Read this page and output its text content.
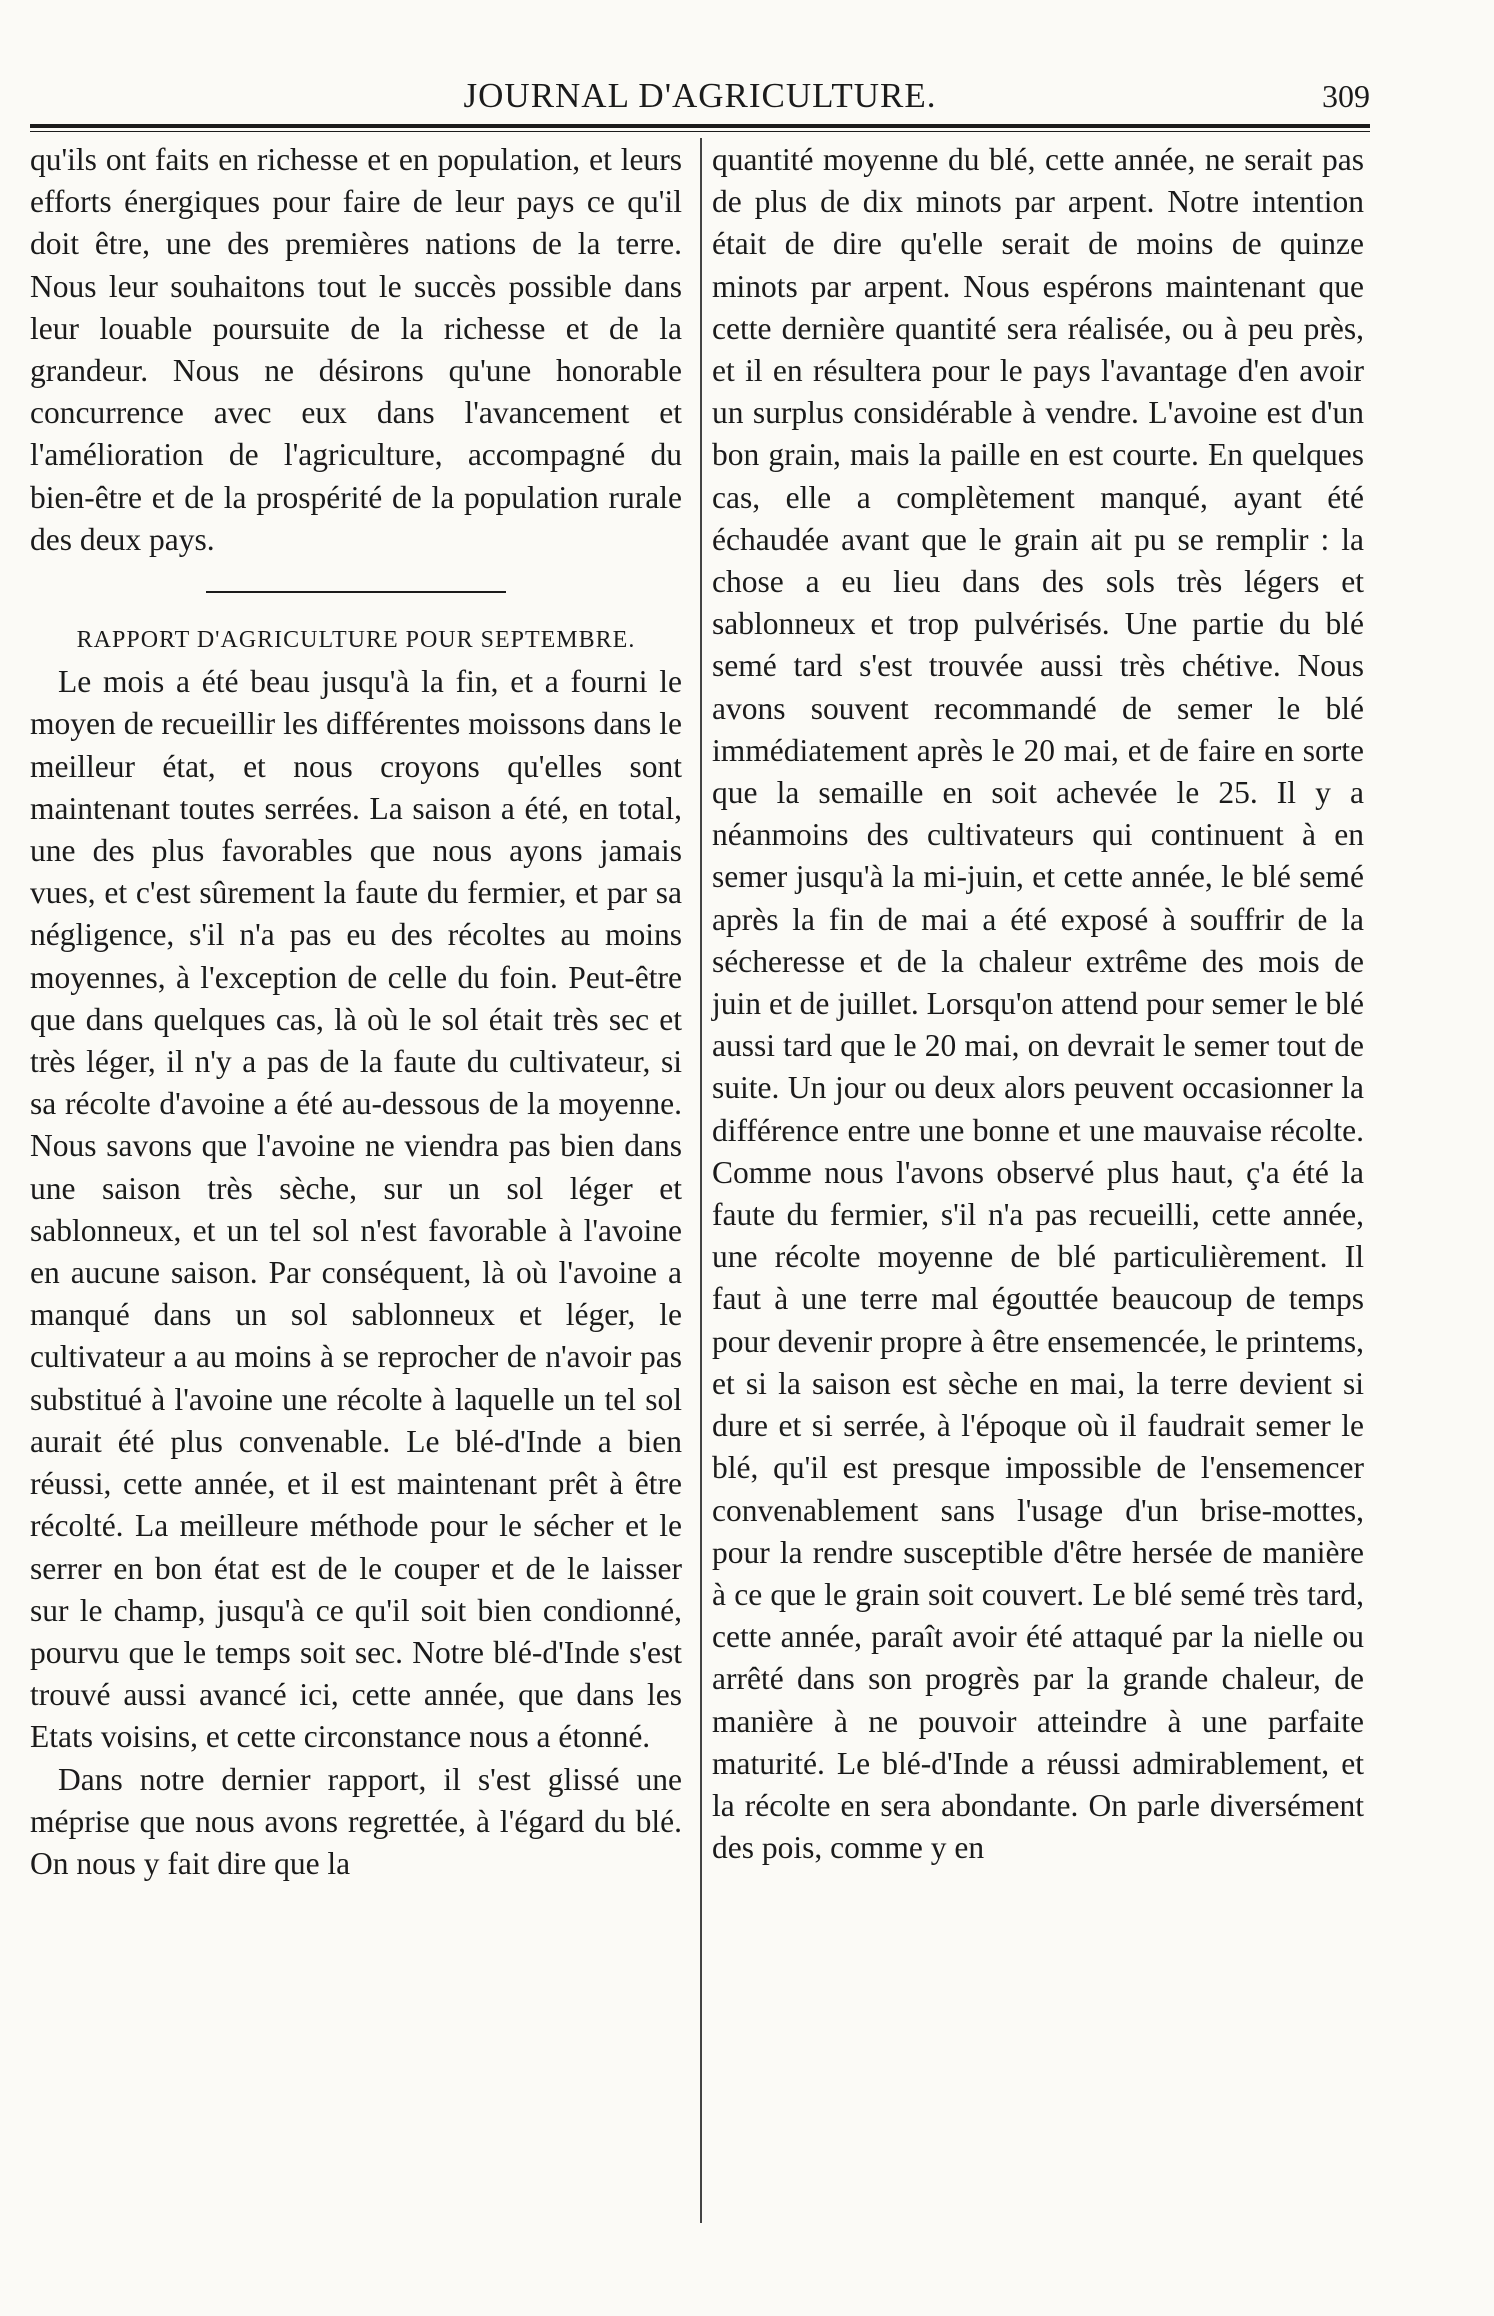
JOURNAL D'AGRICULTURE.	309

qu'ils ont faits en richesse et en population, et leurs efforts énergiques pour faire de leur pays ce qu'il doit être, une des premières nations de la terre. Nous leur souhaitons tout le succès possible dans leur louable poursuite de la richesse et de la grandeur. Nous ne désirons qu'une honorable concurrence avec eux dans l'avancement et l'amélioration de l'agriculture, accompagné du bien-être et de la prospérité de la population rurale des deux pays.

RAPPORT D'AGRICULTURE POUR SEPTEMBRE.

Le mois a été beau jusqu'à la fin, et a fourni le moyen de recueillir les différentes moissons dans le meilleur état, et nous croyons qu'elles sont maintenant toutes serrées. La saison a été, en total, une des plus favorables que nous ayons jamais vues, et c'est sûrement la faute du fermier, et par sa négligence, s'il n'a pas eu des récoltes au moins moyennes, à l'exception de celle du foin. Peut-être que dans quelques cas, là où le sol était très sec et très léger, il n'y a pas de la faute du cultivateur, si sa récolte d'avoine a été au-dessous de la moyenne. Nous savons que l'avoine ne viendra pas bien dans une saison très sèche, sur un sol léger et sablonneux, et un tel sol n'est favorable à l'avoine en aucune saison. Par conséquent, là où l'avoine a manqué dans un sol sablonneux et léger, le cultivateur a au moins à se reprocher de n'avoir pas substitué à l'avoine une récolte à laquelle un tel sol aurait été plus convenable. Le blé-d'Inde a bien réussi, cette année, et il est maintenant prêt à être récolté. La meilleure méthode pour le sécher et le serrer en bon état est de le couper et de le laisser sur le champ, jusqu'à ce qu'il soit bien condionné, pourvu que le temps soit sec. Notre blé-d'Inde s'est trouvé aussi avancé ici, cette année, que dans les Etats voisins, et cette circonstance nous a étonné.

Dans notre dernier rapport, il s'est glissé une méprise que nous avons regrettée, à l'égard du blé. On nous y fait dire que la

quantité moyenne du blé, cette année, ne serait pas de plus de dix minots par arpent. Notre intention était de dire qu'elle serait de moins de quinze minots par arpent. Nous espérons maintenant que cette dernière quantité sera réalisée, ou à peu près, et il en résultera pour le pays l'avantage d'en avoir un surplus considérable à vendre. L'avoine est d'un bon grain, mais la paille en est courte. En quelques cas, elle a complètement manqué, ayant été échaudée avant que le grain ait pu se remplir : la chose a eu lieu dans des sols très légers et sablonneux et trop pulvérisés. Une partie du blé semé tard s'est trouvée aussi très chétive. Nous avons souvent recommandé de semer le blé immédiatement après le 20 mai, et de faire en sorte que la semaille en soit achevée le 25. Il y a néanmoins des cultivateurs qui continuent à en semer jusqu'à la mi-juin, et cette année, le blé semé après la fin de mai a été exposé à souffrir de la sécheresse et de la chaleur extrême des mois de juin et de juillet. Lorsqu'on attend pour semer le blé aussi tard que le 20 mai, on devrait le semer tout de suite. Un jour ou deux alors peuvent occasionner la différence entre une bonne et une mauvaise récolte. Comme nous l'avons observé plus haut, ç'a été la faute du fermier, s'il n'a pas recueilli, cette année, une récolte moyenne de blé particulièrement. Il faut à une terre mal égouttée beaucoup de temps pour devenir propre à être ensemencée, le printems, et si la saison est sèche en mai, la terre devient si dure et si serrée, à l'époque où il faudrait semer le blé, qu'il est presque impossible de l'ensemencer convenablement sans l'usage d'un brise-mottes, pour la rendre susceptible d'être hersée de manière à ce que le grain soit couvert. Le blé semé très tard, cette année, paraît avoir été attaqué par la nielle ou arrêté dans son progrès par la grande chaleur, de manière à ne pouvoir atteindre à une parfaite maturité. Le blé-d'Inde a réussi admirablement, et la récolte en sera abondante. On parle diversément des pois, comme y en
